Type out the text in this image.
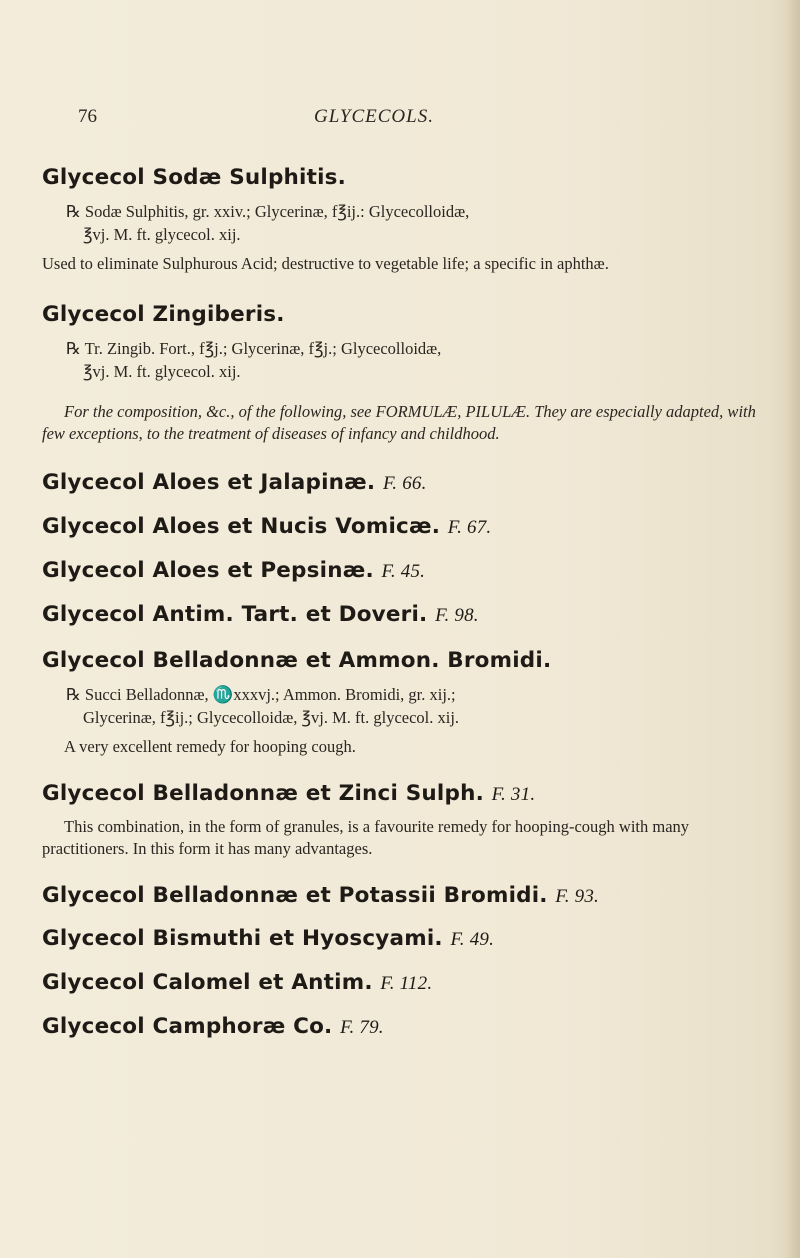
76	GLYCECOLS.

Glycecol Sodæ Sulphitis.

℞ Sodæ Sulphitis, gr. xxiv.; Glycerinæ, f℥ij.: Glycecolloidæ,
℥vj. M. ft. glycecol. xij.

Used to eliminate Sulphurous Acid; destructive to vegetable life; a specific in aphthæ.

Glycecol Zingiberis.

℞ Tr. Zingib. Fort., f℥j.; Glycerinæ, f℥j.; Glycecolloidæ,
℥vj. M. ft. glycecol. xij.

For the composition, &c., of the following, see FORMULÆ, PILULÆ. They are especially adapted, with few exceptions, to the treatment of diseases of infancy and childhood.

Glycecol Aloes et Jalapinæ. F. 66.

Glycecol Aloes et Nucis Vomicæ. F. 67.

Glycecol Aloes et Pepsinæ. F. 45.

Glycecol Antim. Tart. et Doveri. F. 98.

Glycecol Belladonnæ et Ammon. Bromidi.

℞ Succi Belladonnæ, ♏xxxvj.; Ammon. Bromidi, gr. xij.;
Glycerinæ, f℥ij.; Glycecolloidæ, ℥vj. M. ft. glycecol. xij.

A very excellent remedy for hooping cough.

Glycecol Belladonnæ et Zinci Sulph. F. 31.

This combination, in the form of granules, is a favourite remedy for hooping-cough with many practitioners. In this form it has many advantages.

Glycecol Belladonnæ et Potassii Bromidi. F. 93.

Glycecol Bismuthi et Hyoscyami. F. 49.

Glycecol Calomel et Antim. F. 112.

Glycecol Camphoræ Co. F. 79.
